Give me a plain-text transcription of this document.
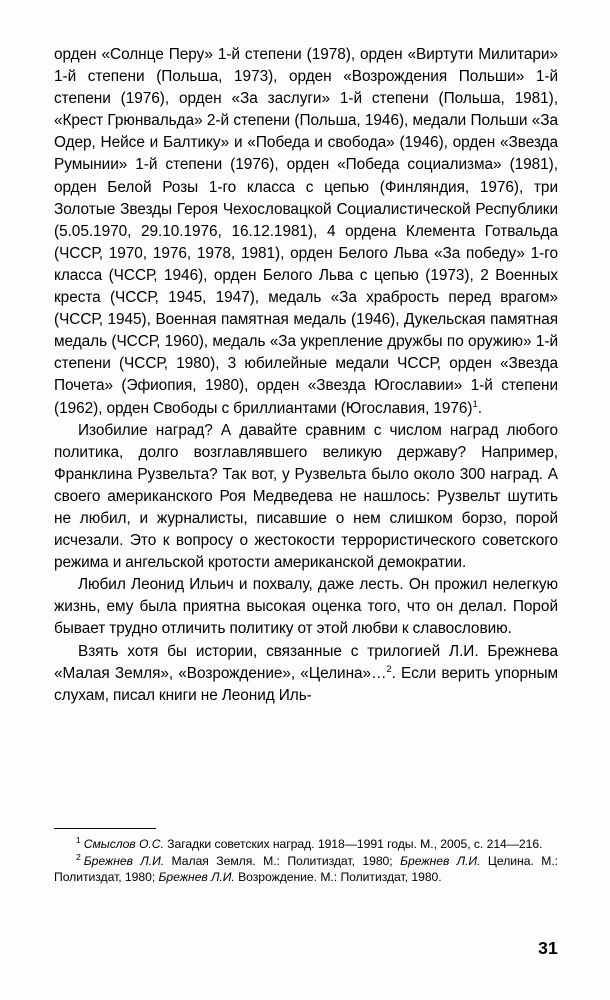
орден «Солнце Перу» 1-й степени (1978), орден «Виртути Милитари» 1-й степени (Польша, 1973), орден «Возрождения Польши» 1-й степени (1976), орден «За заслуги» 1-й степени (Польша, 1981), «Крест Грюнвальда» 2-й степени (Польша, 1946), медали Польши «За Одер, Нейсе и Балтику» и «Победа и свобода» (1946), орден «Звезда Румынии» 1-й степени (1976), орден «Победа социализма» (1981), орден Белой Розы 1-го класса с цепью (Финляндия, 1976), три Золотые Звезды Героя Чехословацкой Социалистической Республики (5.05.1970, 29.10.1976, 16.12.1981), 4 ордена Клемента Готвальда (ЧССР, 1970, 1976, 1978, 1981), орден Белого Льва «За победу» 1-го класса (ЧССР, 1946), орден Белого Льва с цепью (1973), 2 Военных креста (ЧССР, 1945, 1947), медаль «За храбрость перед врагом» (ЧССР, 1945), Военная памятная медаль (1946), Дукельская памятная медаль (ЧССР, 1960), медаль «За укрепление дружбы по оружию» 1-й степени (ЧССР, 1980), 3 юбилейные медали ЧССР, орден «Звезда Почета» (Эфиопия, 1980), орден «Звезда Югославии» 1-й степени (1962), орден Свободы с бриллиантами (Югославия, 1976)$^1$.

Изобилие наград? А давайте сравним с числом наград любого политика, долго возглавлявшего великую державу? Например, Франклина Рузвельта? Так вот, у Рузвельта было около 300 наград. А своего американского Роя Медведева не нашлось: Рузвельт шутить не любил, и журналисты, писавшие о нем слишком борзо, порой исчезали. Это к вопросу о жестокости террористического советского режима и ангельской кротости американской демократии.

Любил Леонид Ильич и похвалу, даже лесть. Он прожил нелегкую жизнь, ему была приятна высокая оценка того, что он делал. Порой бывает трудно отличить политику от этой любви к славословию.

Взять хотя бы истории, связанные с трилогией Л.И. Брежнева «Малая Земля», «Возрождение», «Целина»…$^2$. Если верить упорным слухам, писал книги не Леонид Иль-

$^1$ Смыслов О.С. Загадки советских наград. 1918—1991 годы. М., 2005, с. 214—216.

$^2$ Брежнев Л.И. Малая Земля. М.: Политиздат, 1980; Брежнев Л.И. Целина. М.: Политиздат, 1980; Брежнев Л.И. Возрождение. М.: Политиздат, 1980.

31
